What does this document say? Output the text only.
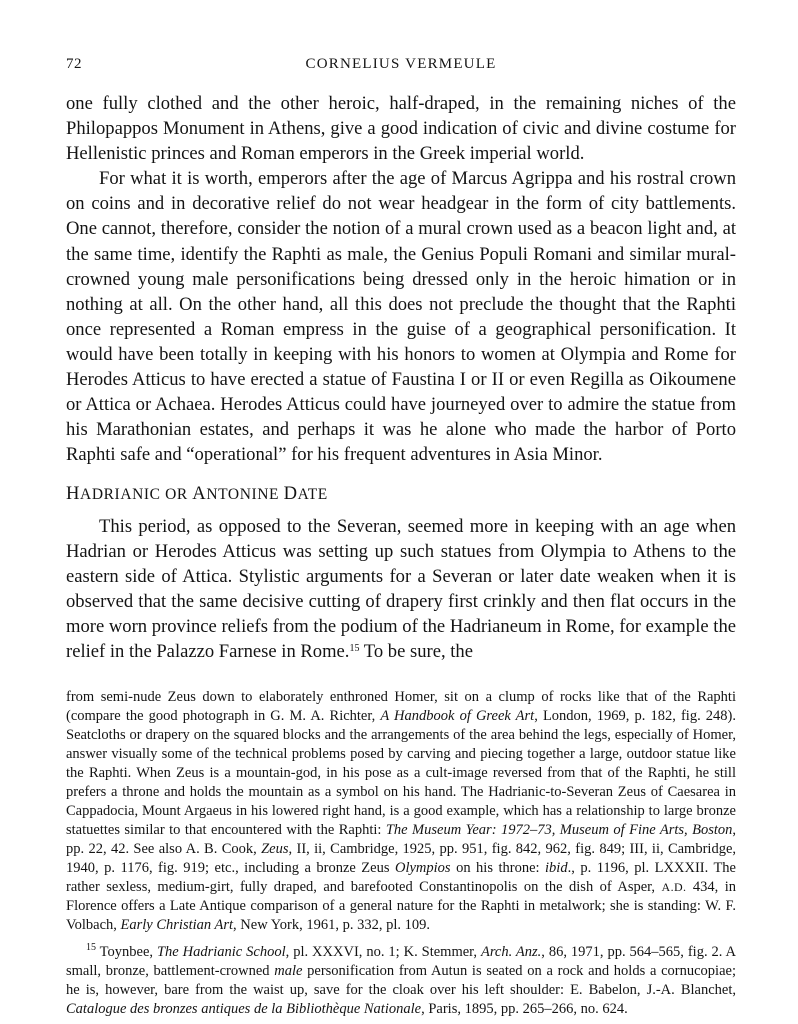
72	CORNELIUS VERMEULE

one fully clothed and the other heroic, half-draped, in the remaining niches of the Philopappos Monument in Athens, give a good indication of civic and divine costume for Hellenistic princes and Roman emperors in the Greek imperial world.

For what it is worth, emperors after the age of Marcus Agrippa and his rostral crown on coins and in decorative relief do not wear headgear in the form of city battlements. One cannot, therefore, consider the notion of a mural crown used as a beacon light and, at the same time, identify the Raphti as male, the Genius Populi Romani and similar mural-crowned young male personifications being dressed only in the heroic himation or in nothing at all. On the other hand, all this does not preclude the thought that the Raphti once represented a Roman empress in the guise of a geographical personification. It would have been totally in keeping with his honors to women at Olympia and Rome for Herodes Atticus to have erected a statue of Faustina I or II or even Regilla as Oikoumene or Attica or Achaea. Herodes Atticus could have journeyed over to admire the statue from his Marathonian estates, and perhaps it was he alone who made the harbor of Porto Raphti safe and “operational” for his frequent adventures in Asia Minor.

HADRIANIC OR ANTONINE DATE

This period, as opposed to the Severan, seemed more in keeping with an age when Hadrian or Herodes Atticus was setting up such statues from Olympia to Athens to the eastern side of Attica. Stylistic arguments for a Severan or later date weaken when it is observed that the same decisive cutting of drapery first crinkly and then flat occurs in the more worn province reliefs from the podium of the Hadrianeum in Rome, for example the relief in the Palazzo Farnese in Rome.$^{15}$ To be sure, the

from semi-nude Zeus down to elaborately enthroned Homer, sit on a clump of rocks like that of the Raphti (compare the good photograph in G. M. A. Richter, A Handbook of Greek Art, London, 1969, p. 182, fig. 248). Seatcloths or drapery on the squared blocks and the arrangements of the area behind the legs, especially of Homer, answer visually some of the technical problems posed by carving and piecing together a large, outdoor statue like the Raphti. When Zeus is a mountain-god, in his pose as a cult-image reversed from that of the Raphti, he still prefers a throne and holds the mountain as a symbol on his hand. The Hadrianic-to-Severan Zeus of Caesarea in Cappadocia, Mount Argaeus in his lowered right hand, is a good example, which has a relationship to large bronze statuettes similar to that encountered with the Raphti: The Museum Year: 1972–73, Museum of Fine Arts, Boston, pp. 22, 42. See also A. B. Cook, Zeus, II, ii, Cambridge, 1925, pp. 951, fig. 842, 962, fig. 849; III, ii, Cambridge, 1940, p. 1176, fig. 919; etc., including a bronze Zeus Olympios on his throne: ibid., p. 1196, pl. LXXXII. The rather sexless, medium-girt, fully draped, and barefooted Constantinopolis on the dish of Asper, A.D. 434, in Florence offers a Late Antique comparison of a general nature for the Raphti in metalwork; she is standing: W. F. Volbach, Early Christian Art, New York, 1961, p. 332, pl. 109.

$^{15}$ Toynbee, The Hadrianic School, pl. XXXVI, no. 1; K. Stemmer, Arch. Anz., 86, 1971, pp. 564–565, fig. 2. A small, bronze, battlement-crowned male personification from Autun is seated on a rock and holds a cornucopiae; he is, however, bare from the waist up, save for the cloak over his left shoulder: E. Babelon, J.-A. Blanchet, Catalogue des bronzes antiques de la Bibliothèque Nationale, Paris, 1895, pp. 265–266, no. 624.
